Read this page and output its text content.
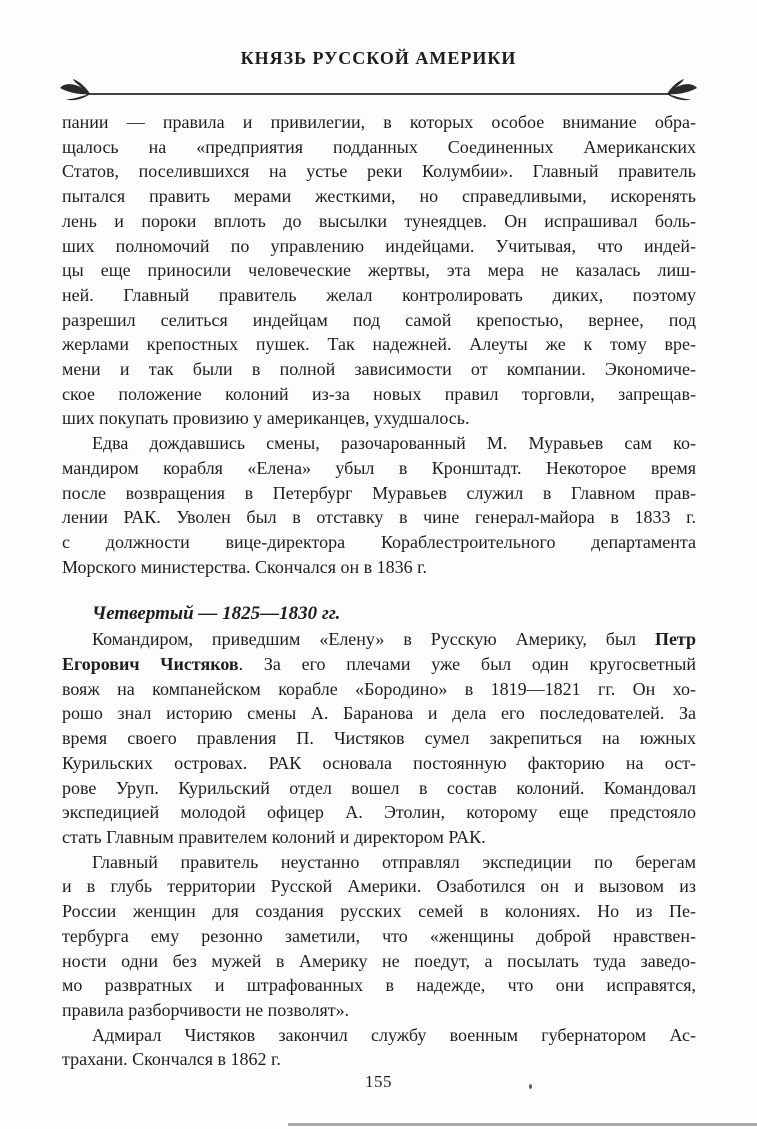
КНЯЗЬ РУССКОЙ АМЕРИКИ
пании — правила и привилегии, в которых особое внимание обра-
щалось на «предприятия подданных Соединенных Американских
Статов, поселившихся на устье реки Колумбии». Главный правитель
пытался править мерами жесткими, но справедливыми, искоренять
лень и пороки вплоть до высылки тунеядцев. Он испрашивал боль-
ших полномочий по управлению индейцами. Учитывая, что индей-
цы еще приносили человеческие жертвы, эта мера не казалась лиш-
ней. Главный правитель желал контролировать диких, поэтому
разрешил селиться индейцам под самой крепостью, вернее, под
жерлами крепостных пушек. Так надежней. Алеуты же к тому вре-
мени и так были в полной зависимости от компании. Экономиче-
ское положение колоний из-за новых правил торговли, запрещав-
ших покупать провизию у американцев, ухудшалось.
Едва дождавшись смены, разочарованный М. Муравьев сам ко-
мандиром корабля «Елена» убыл в Кронштадт. Некоторое время
после возвращения в Петербург Муравьев служил в Главном прав-
лении РАК. Уволен был в отставку в чине генерал-майора в 1833 г.
с должности вице-директора Кораблестроительного департамента
Морского министерства. Скончался он в 1836 г.
Четвертый — 1825—1830 гг.
Командиром, приведшим «Елену» в Русскую Америку, был Петр
Егорович Чистяков. За его плечами уже был один кругосветный
вояж на компанейском корабле «Бородино» в 1819—1821 гг. Он хо-
рошо знал историю смены А. Баранова и дела его последователей. За
время своего правления П. Чистяков сумел закрепиться на южных
Курильских островах. РАК основала постоянную факторию на ост-
рове Уруп. Курильский отдел вошел в состав колоний. Командовал
экспедицией молодой офицер А. Этолин, которому еще предстояло
стать Главным правителем колоний и директором РАК.
Главный правитель неустанно отправлял экспедиции по берегам
и в глубь территории Русской Америки. Озаботился он и вызовом из
России женщин для создания русских семей в колониях. Но из Пе-
тербурга ему резонно заметили, что «женщины доброй нравствен-
ности одни без мужей в Америку не поедут, а посылать туда заведо-
мо развратных и штрафованных в надежде, что они исправятся,
правила разборчивости не позволят».
Адмирал Чистяков закончил службу военным губернатором Ас-
трахани. Скончался в 1862 г.
155
